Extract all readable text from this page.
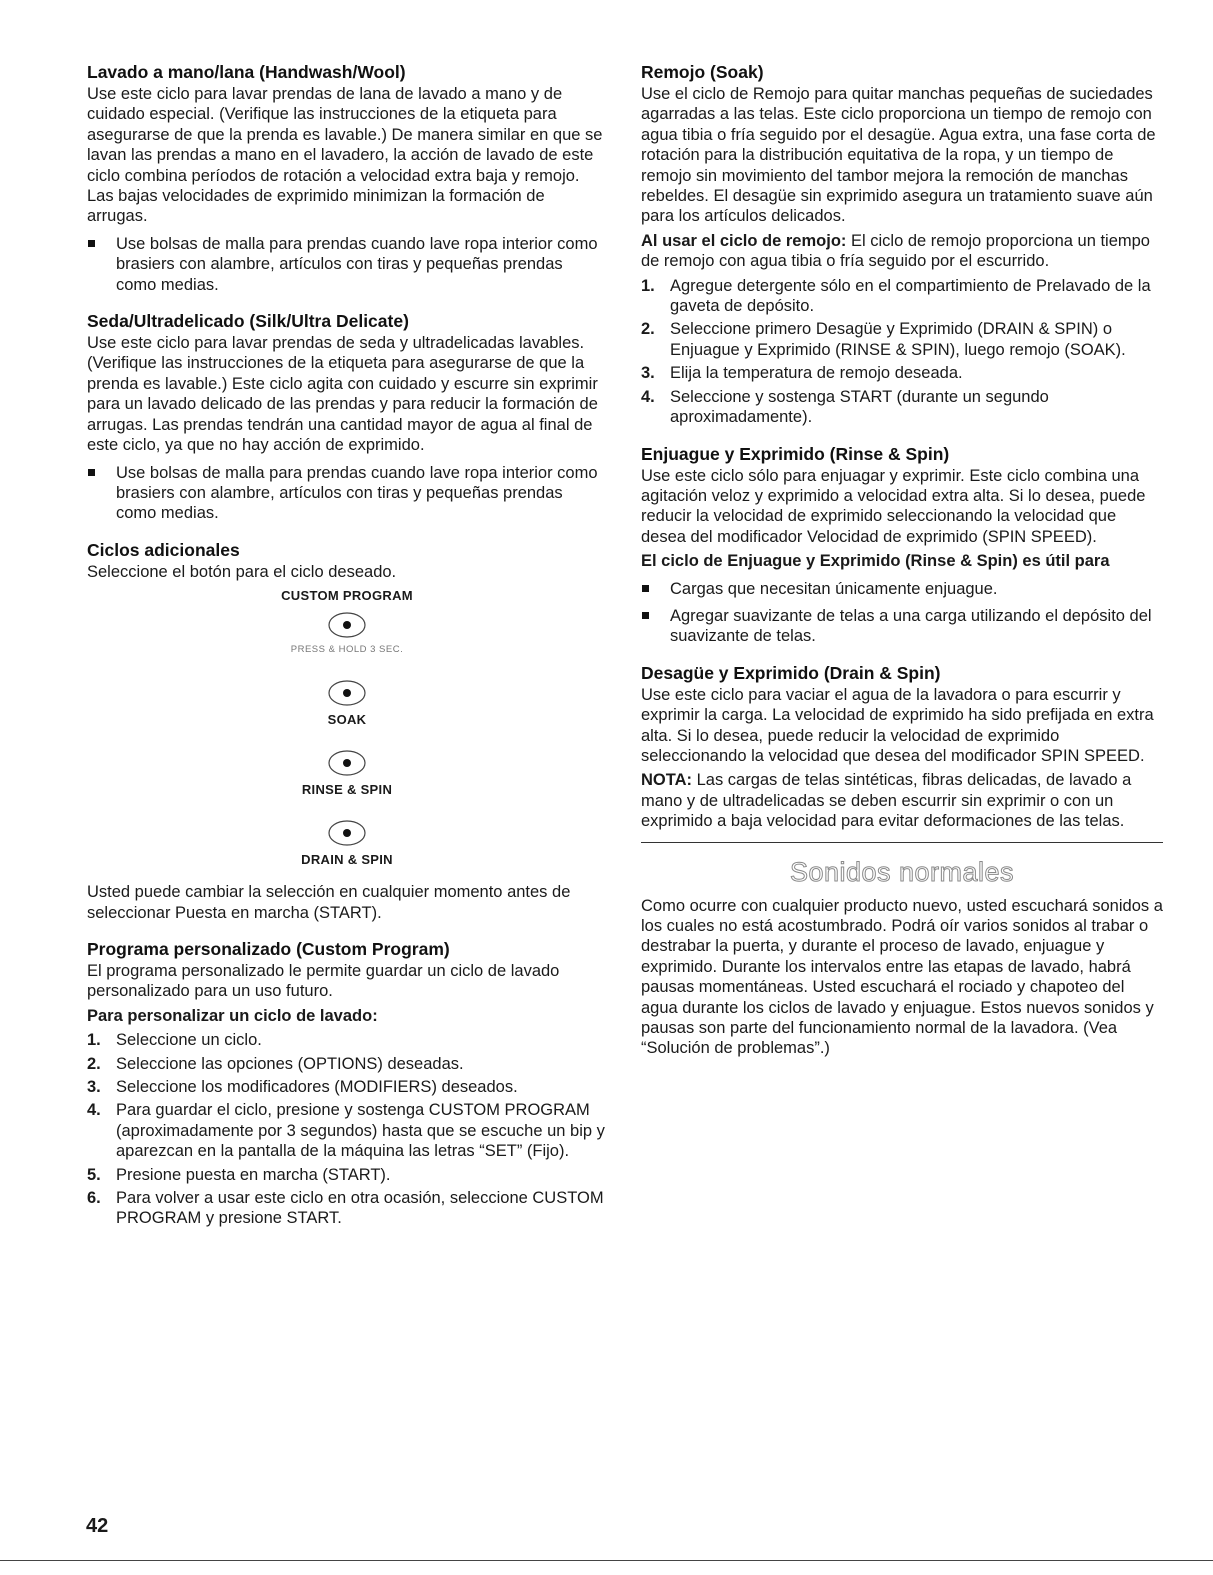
Lavado a mano/lana (Handwash/Wool)

Use este ciclo para lavar prendas de lana de lavado a mano y de cuidado especial. (Verifique las instrucciones de la etiqueta para asegurarse de que la prenda es lavable.) De manera similar en que se lavan las prendas a mano en el lavadero, la acción de lavado de este ciclo combina períodos de rotación a velocidad extra baja y remojo. Las bajas velocidades de exprimido minimizan la formación de arrugas.

Use bolsas de malla para prendas cuando lave ropa interior como brasiers con alambre, artículos con tiras y pequeñas prendas como medias.
Seda/Ultradelicado (Silk/Ultra Delicate)

Use este ciclo para lavar prendas de seda y ultradelicadas lavables. (Verifique las instrucciones de la etiqueta para asegurarse de que la prenda es lavable.) Este ciclo agita con cuidado y escurre sin exprimir para un lavado delicado de las prendas y para reducir la formación de arrugas. Las prendas tendrán una cantidad mayor de agua al final de este ciclo, ya que no hay acción de exprimido.

Use bolsas de malla para prendas cuando lave ropa interior como brasiers con alambre, artículos con tiras y pequeñas prendas como medias.
Ciclos adicionales

Seleccione el botón para el ciclo deseado.

CUSTOM PROGRAM
PRESS & HOLD 3 SEC.
SOAK
RINSE & SPIN
DRAIN & SPIN

Usted puede cambiar la selección en cualquier momento antes de seleccionar Puesta en marcha (START).

Programa personalizado (Custom Program)

El programa personalizado le permite guardar un ciclo de lavado personalizado para un uso futuro.

Para personalizar un ciclo de lavado:

1. Seleccione un ciclo.
2. Seleccione las opciones (OPTIONS) deseadas.
3. Seleccione los modificadores (MODIFIERS) deseados.
4. Para guardar el ciclo, presione y sostenga CUSTOM PROGRAM (aproximadamente por 3 segundos) hasta que se escuche un bip y aparezcan en la pantalla de la máquina las letras “SET” (Fijo).
5. Presione puesta en marcha (START).
6. Para volver a usar este ciclo en otra ocasión, seleccione CUSTOM PROGRAM y presione START.
Remojo (Soak)

Use el ciclo de Remojo para quitar manchas pequeñas de suciedades agarradas a las telas. Este ciclo proporciona un tiempo de remojo con agua tibia o fría seguido por el desagüe. Agua extra, una fase corta de rotación para la distribución equitativa de la ropa, y un tiempo de remojo sin movimiento del tambor mejora la remoción de manchas rebeldes. El desagüe sin exprimido asegura un tratamiento suave aún para los artículos delicados.

Al usar el ciclo de remojo: El ciclo de remojo proporciona un tiempo de remojo con agua tibia o fría seguido por el escurrido.

1. Agregue detergente sólo en el compartimiento de Prelavado de la gaveta de depósito.
2. Seleccione primero Desagüe y Exprimido (DRAIN & SPIN) o Enjuague y Exprimido (RINSE & SPIN), luego remojo (SOAK).
3. Elija la temperatura de remojo deseada.
4. Seleccione y sostenga START (durante un segundo aproximadamente).
Enjuague y Exprimido (Rinse & Spin)

Use este ciclo sólo para enjuagar y exprimir. Este ciclo combina una agitación veloz y exprimido a velocidad extra alta. Si lo desea, puede reducir la velocidad de exprimido seleccionando la velocidad que desea del modificador Velocidad de exprimido (SPIN SPEED).

El ciclo de Enjuague y Exprimido (Rinse & Spin) es útil para

Cargas que necesitan únicamente enjuague.
Agregar suavizante de telas a una carga utilizando el depósito del suavizante de telas.
Desagüe y Exprimido (Drain & Spin)

Use este ciclo para vaciar el agua de la lavadora o para escurrir y exprimir la carga. La velocidad de exprimido ha sido prefijada en extra alta. Si lo desea, puede reducir la velocidad de exprimido seleccionando la velocidad que desea del modificador SPIN SPEED.

NOTA: Las cargas de telas sintéticas, fibras delicadas, de lavado a mano y de ultradelicadas se deben escurrir sin exprimir o con un exprimido a baja velocidad para evitar deformaciones de las telas.

Sonidos normales

Como ocurre con cualquier producto nuevo, usted escuchará sonidos a los cuales no está acostumbrado. Podrá oír varios sonidos al trabar o destrabar la puerta, y durante el proceso de lavado, enjuague y exprimido. Durante los intervalos entre las etapas de lavado, habrá pausas momentáneas. Usted escuchará el rociado y chapoteo del agua durante los ciclos de lavado y enjuague. Estos nuevos sonidos y pausas son parte del funcionamiento normal de la lavadora. (Vea “Solución de problemas”.)

42
